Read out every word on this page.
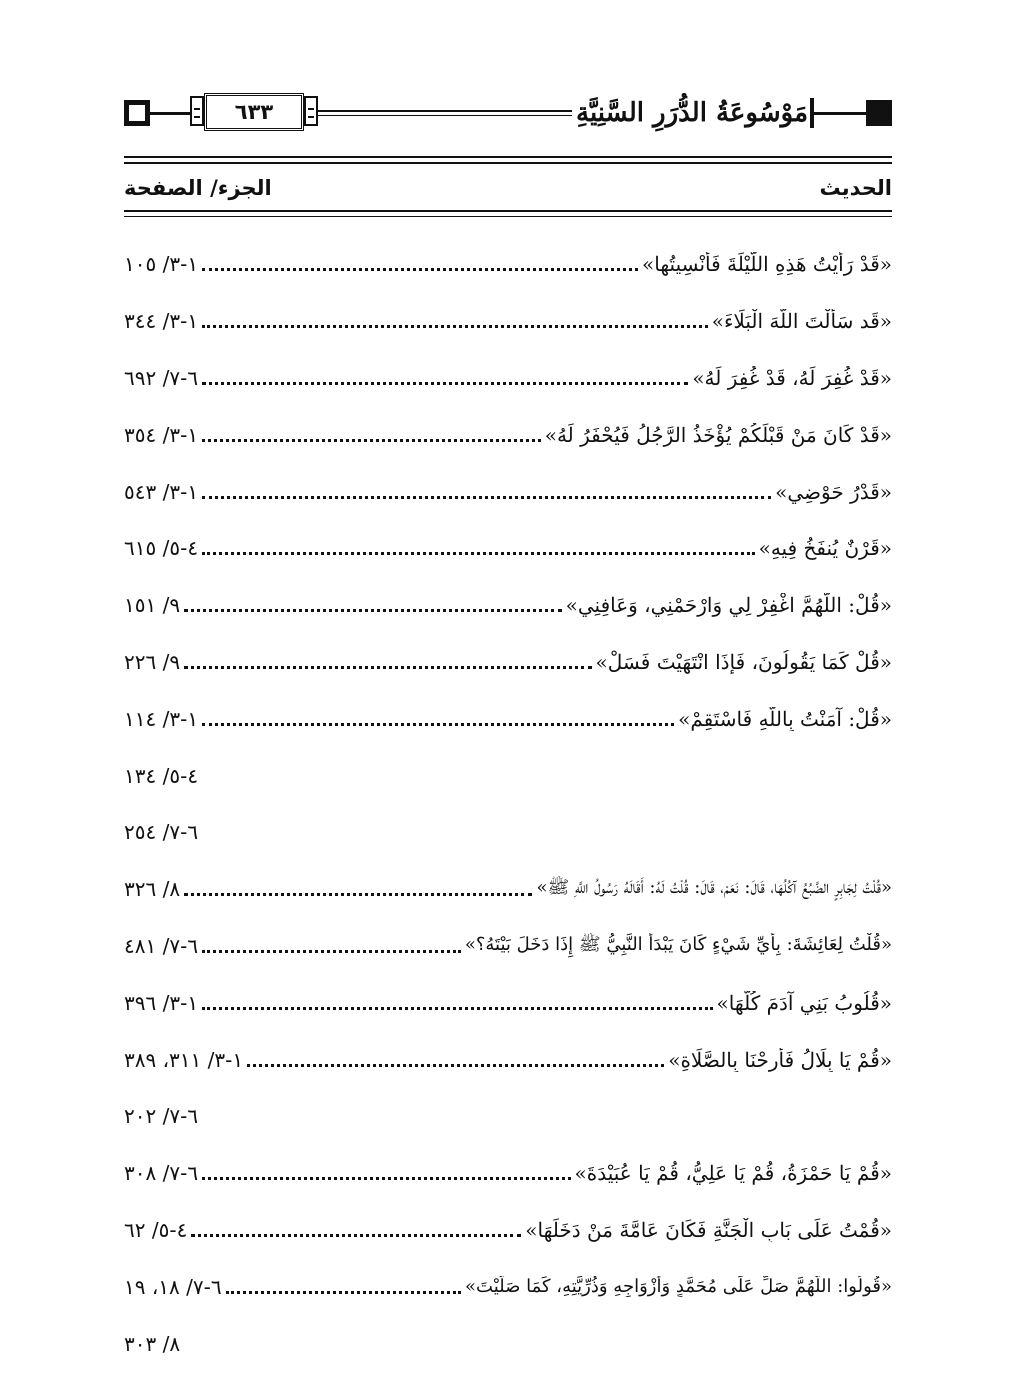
٦٣٣	مَوْسُوعَةُ الدُّرَرِ السَّنِيَّةِ
الحديث
الجزء/ الصفحة
«قَدْ رَأَيْتُ هَذِهِ اللَّيْلَةَ فَأُنْسِيتُها»
١-٣/ ١٠٥
«قَد سَأَلْتَ اللَّهَ الْبَلَاءَ»
١-٣/ ٣٤٤
«قَدْ غُفِرَ لَهُ، قَدْ غُفِرَ لَهُ»
٦-٧/ ٦٩٢
«قَدْ كَانَ مَنْ قَبْلَكُمْ يُؤْخَذُ الرَّجُلُ فَيُحْفَرُ لَهُ»
١-٣/ ٣٥٤
«قَدْرُ حَوْضِي»
١-٣/ ٥٤٣
«قَرْنٌ يُنفَخُ فِيهِ»
٤-٥/ ٦١٥
«قُلْ: اللَّهُمَّ اغْفِرْ لِي وَارْحَمْنِي، وَعَافِنِي»
٩/ ١٥١
«قُلْ كَمَا يَقُولُونَ، فَإِذَا انْتَهَيْتَ فَسَلْ»
٩/ ٢٢٦
«قُلْ: آمَنْتُ بِاللَّهِ فَاسْتَقِمْ»
١-٣/ ١١٤
٤-٥/ ١٣٤
٦-٧/ ٢٥٤
«قُلْتُ لِجَابِرٍ الضَّبُعُ آكُلُهَا، قَالَ: نَعَمْ، قَالَ: قُلْتُ لَهُ: أَقَالَهُ رَسُولُ اللَّهِ ﷺ»
٨/ ٣٢٦
«قُلْتُ لِعَائِشَةَ: بِأَيِّ شَيْءٍ كَانَ يَبْدَأُ النَّبِيُّ ﷺ إِذَا دَخَلَ بَيْتَهُ؟»
٦-٧/ ٤٨١
«قُلُوبُ بَنِي آدَمَ كُلُّهَا»
١-٣/ ٣٩٦
«قُمْ يَا بِلَالُ فَأَرِحْنَا بِالصَّلَاةِ»
١-٣/ ٣١١، ٣٨٩
٦-٧/ ٢٠٢
«قُمْ يَا حَمْزَةُ، قُمْ يَا عَلِيُّ، قُمْ يَا عُبَيْدَةَ»
٦-٧/ ٣٠٨
«قُمْتُ عَلَى بَابِ الْجَنَّةِ فَكَانَ عَامَّةَ مَنْ دَخَلَهَا»
٤-٥/ ٦٢
«قُولُوا: اللَّهُمَّ صَلِّ عَلَى مُحَمَّدٍ وَأَزْوَاجِهِ وَذُرِّيَّتِهِ، كَمَا صَلَّيْتَ»
٦-٧/ ١٨، ١٩
٨/ ٣٠٣
